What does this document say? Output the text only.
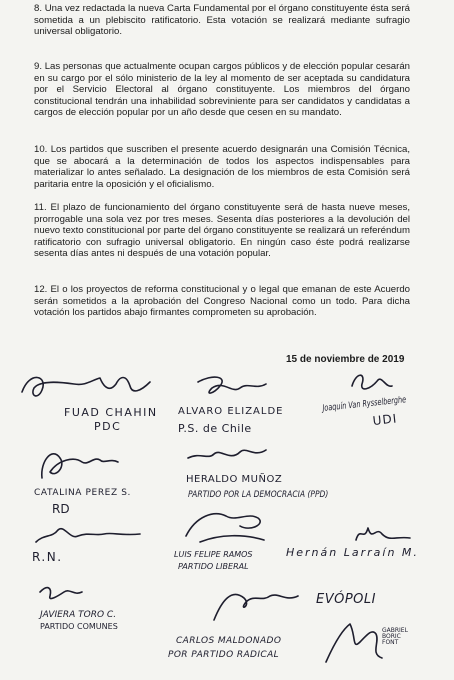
8. Una vez redactada la nueva Carta Fundamental por el órgano constituyente ésta será sometida a un plebiscito ratificatorio. Esta votación se realizará mediante sufragio universal obligatorio.

9. Las personas que actualmente ocupan cargos públicos y de elección popular cesarán en su cargo por el sólo ministerio de la ley al momento de ser aceptada su candidatura por el Servicio Electoral al órgano constituyente. Los miembros del órgano constitucional tendrán una inhabilidad sobreviniente para ser candidatos y candidatas a cargos de elección popular por un año desde que cesen en su mandato.

10. Los partidos que suscriben el presente acuerdo designarán una Comisión Técnica, que se abocará a la determinación de todos los aspectos indispensables para materializar lo antes señalado. La designación de los miembros de esta Comisión será paritaria entre la oposición y el oficialismo.

11. El plazo de funcionamiento del órgano constituyente será de hasta nueve meses, prorrogable una sola vez por tres meses. Sesenta días posteriores a la devolución del nuevo texto constitucional por parte del órgano constituyente se realizará un referéndum ratificatorio con sufragio universal obligatorio. En ningún caso éste podrá realizarse sesenta días antes ni después de una votación popular.

12. El o los proyectos de reforma constitucional y o legal que emanan de este Acuerdo serán sometidos a la aprobación del Congreso Nacional como un todo. Para dicha votación los partidos abajo firmantes comprometen su aprobación.

15 de noviembre de 2019

FUAD CHAHIN
PDC
ALVARO ELIZALDE
P.S. de Chile
Joaquín Van Rysselberghe
UDI
CATALINA PEREZ S.
RD
HERALDO MUÑOZ
PARTIDO POR LA DEMOCRACIA (PPD)
R.N.	LUIS FELIPE RAMOS
PARTIDO LIBERAL
Hernán Larraín M.
JAVIERA TORO C.
PARTIDO COMUNES
EVÓPOLI
CARLOS MALDONADO
POR PARTIDO RADICAL
GABRIEL BORIC FONT
